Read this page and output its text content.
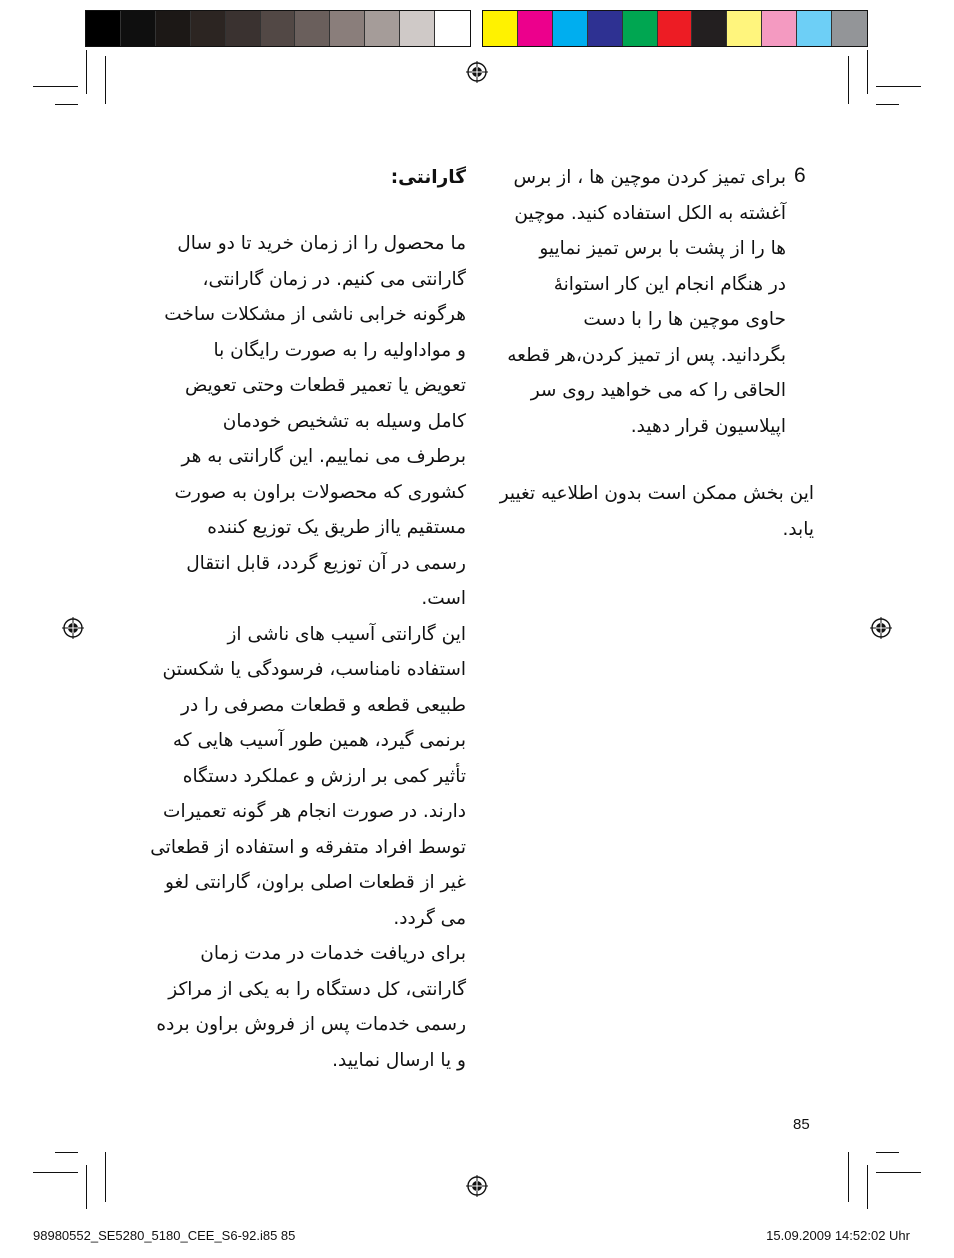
6

برای تمیز کردن موچین ها ، از برس

آغشته به الکل استفاده کنید. موچین

ها را از پشت با برس تمیز نمایيو

در هنگام انجام این کار استوانهٔ

حاوی موچین ها را با دست

بگردانید. پس از تمیز کردن،هر قطعه

الحاقی را که می خواهید روی سر

اپیلاسیون قرار دهید.

این بخش ممکن است بدون اطلاعیه تغییر

یابد.

گارانتی:

ما محصول را از زمان خرید تا دو سال

گارانتی می کنیم. در زمان گارانتی،

هرگونه خرابی ناشی از مشکلات ساخت

و مواداولیه را به صورت رایگان با

تعویض یا تعمیر قطعات وحتی تعویض

کامل وسیله به تشخیص خودمان

برطرف می نماییم. این گارانتی به هر

کشوری که محصولات براون به صورت

مستقیم یااز طریق یک توزیع کننده

رسمی در آن توزیع گردد، قابل انتقال

است.

این گارانتی آسیب های ناشی از

استفاده نامناسب، فرسودگی یا شکستن

طبیعی قطعه و قطعات مصرفی را در

برنمی گیرد، همین طور آسیب هایی که

تأثیر کمی بر ارزش و عملکرد دستگاه

دارند. در صورت انجام هر گونه تعمیرات

توسط افراد متفرقه و استفاده از قطعاتی

غیر از قطعات اصلی براون، گارانتی لغو

می گردد.

برای دریافت خدمات در مدت زمان

گارانتی، کل دستگاه را به یکی از مراکز

رسمی خدمات پس از فروش براون برده

و یا ارسال نمایید.

85
98980552_SE5280_5180_CEE_S6-92.i85 85	15.09.2009 14:52:02 Uhr
